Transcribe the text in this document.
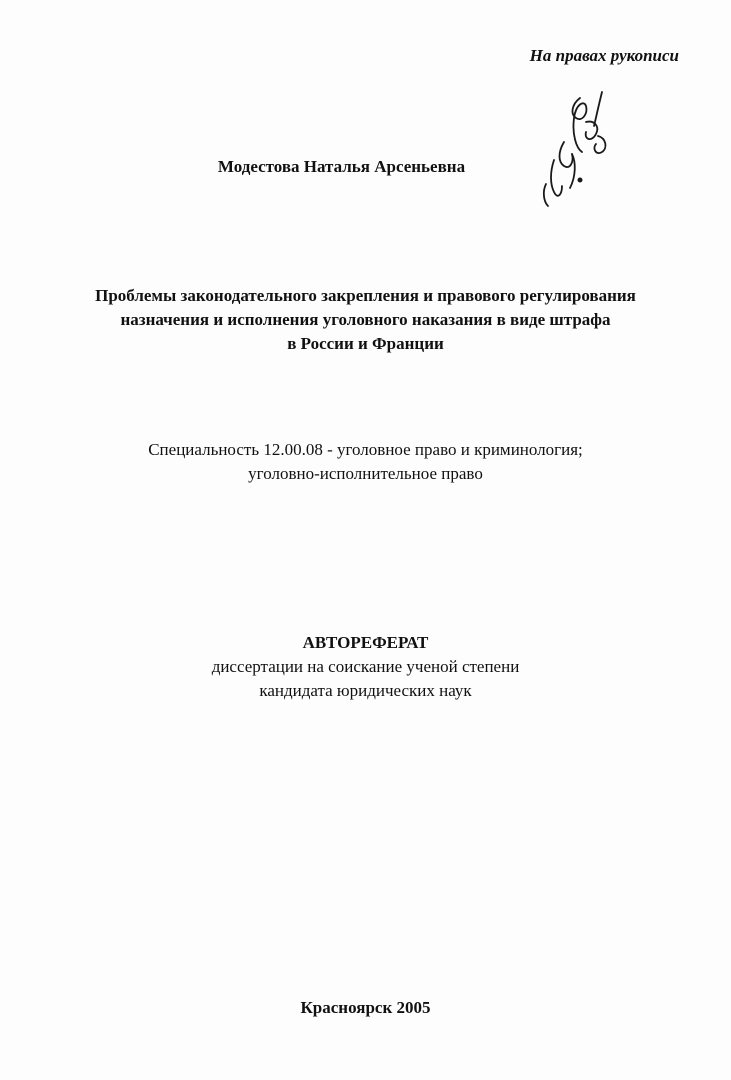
На правах рукописи
Модестова Наталья Арсеньевна
Проблемы законодательного закрепления и правового регулирования
назначения и исполнения уголовного наказания в виде штрафа
в России и Франции
Специальность 12.00.08 - уголовное право и криминология;
уголовно-исполнительное право
АВТОРЕФЕРАТ
диссертации на соискание ученой степени
кандидата юридических наук
Красноярск 2005
